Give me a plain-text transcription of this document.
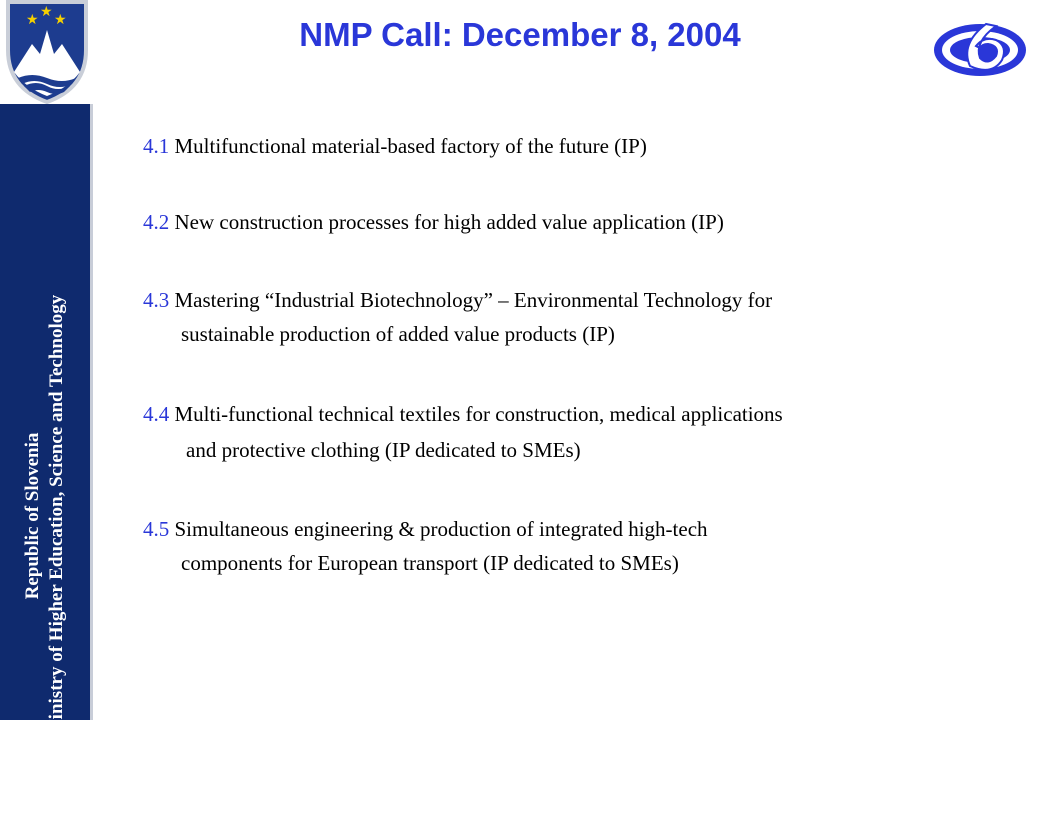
★ ★ ★	NMP Call: December 8, 2004
Republic of Slovenia Ministry of Higher Education, Science and Technology
4.1 Multifunctional material-based factory of the future (IP)
4.2 New construction processes for high added value application (IP)
4.3 Mastering “Industrial Biotechnology” – Environmental Technology for
sustainable production of added value products (IP)
4.4 Multi-functional technical textiles for construction, medical applications
and protective clothing (IP dedicated to SMEs)
4.5 Simultaneous engineering & production of integrated high-tech
components for European transport (IP dedicated to SMEs)
